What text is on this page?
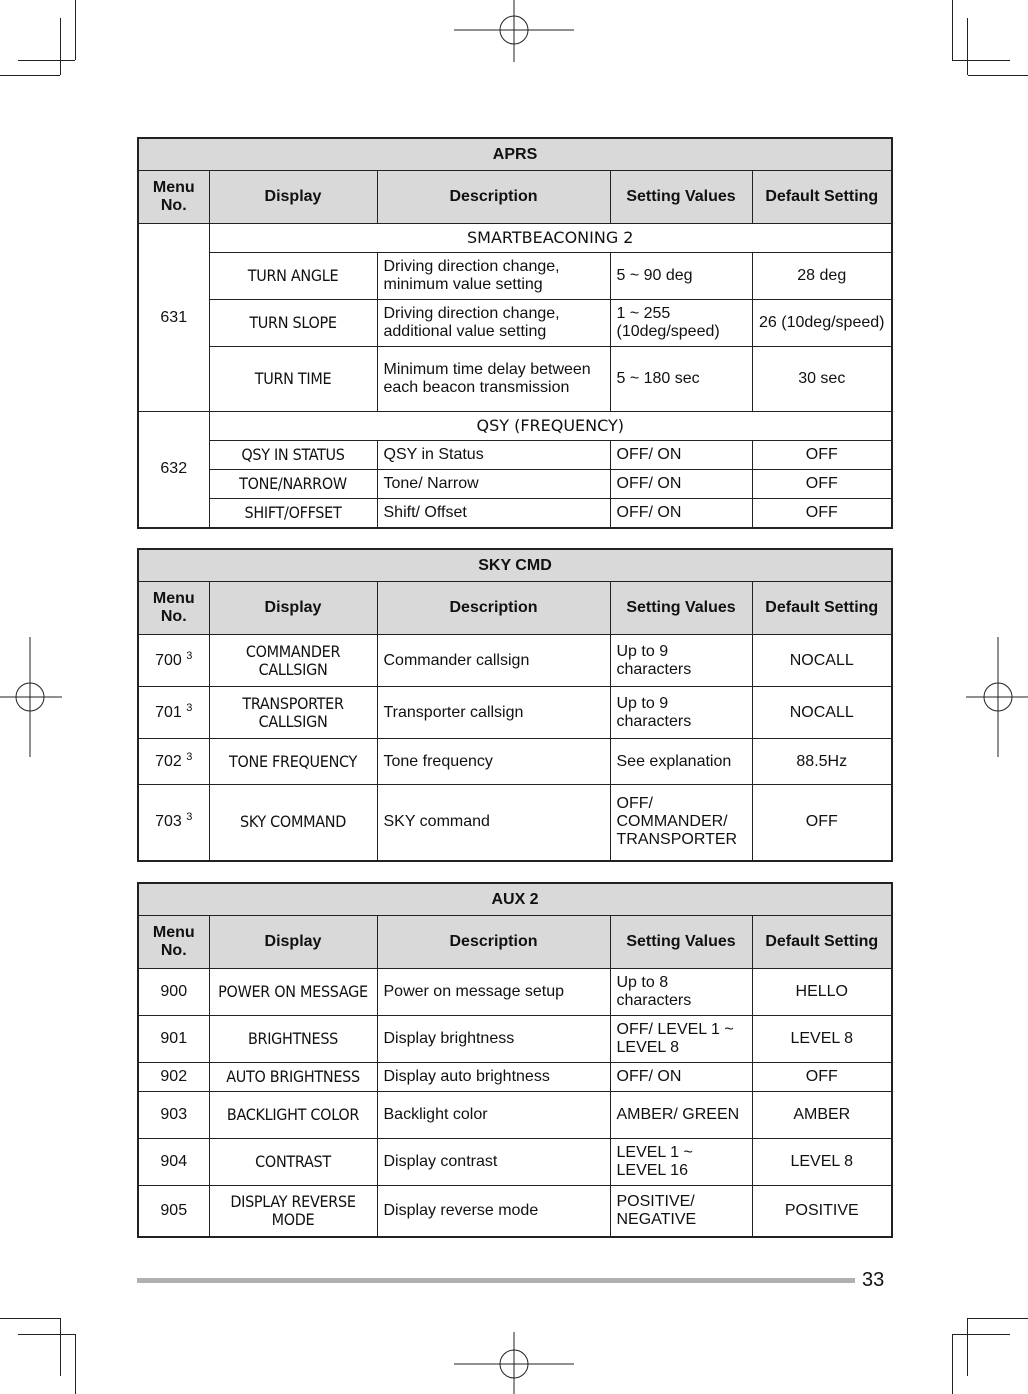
APRS				
Menu No.	Display	Description	Setting Values	Default Setting
631	SMARTBEACONING 2			
	TURN ANGLE	Driving direction change, minimum value setting	5 ~ 90 deg	28 deg
	TURN SLOPE	Driving direction change, additional value setting	1 ~ 255 (10deg/speed)	26 (10deg/speed)
	TURN TIME	Minimum time delay between each beacon transmission	5 ~ 180 sec	30 sec
632	QSY (FREQUENCY)			
	QSY IN STATUS	QSY in Status	OFF/ ON	OFF
	TONE/NARROW	Tone/ Narrow	OFF/ ON	OFF
	SHIFT/OFFSET	Shift/ Offset	OFF/ ON	OFF
SKY CMD				
Menu No.	Display	Description	Setting Values	Default Setting
700 $^3$	COMMANDER CALLSIGN	Commander callsign	Up to 9 characters	NOCALL
701 $^3$	TRANSPORTER CALLSIGN	Transporter callsign	Up to 9 characters	NOCALL
702 $^3$	TONE FREQUENCY	Tone frequency	See explanation	88.5Hz
703 $^3$	SKY COMMAND	SKY command	OFF/ COMMANDER/ TRANSPORTER	OFF
AUX 2				
Menu No.	Display	Description	Setting Values	Default Setting
900	POWER ON MESSAGE	Power on message setup	Up to 8 characters	HELLO
901	BRIGHTNESS	Display brightness	OFF/ LEVEL 1 ~ LEVEL 8	LEVEL 8
902	AUTO BRIGHTNESS	Display auto brightness	OFF/ ON	OFF
903	BACKLIGHT COLOR	Backlight color	AMBER/ GREEN	AMBER
904	CONTRAST	Display contrast	LEVEL 1 ~ LEVEL 16	LEVEL 8
905	DISPLAY REVERSE MODE	Display reverse mode	POSITIVE/ NEGATIVE	POSITIVE
33
